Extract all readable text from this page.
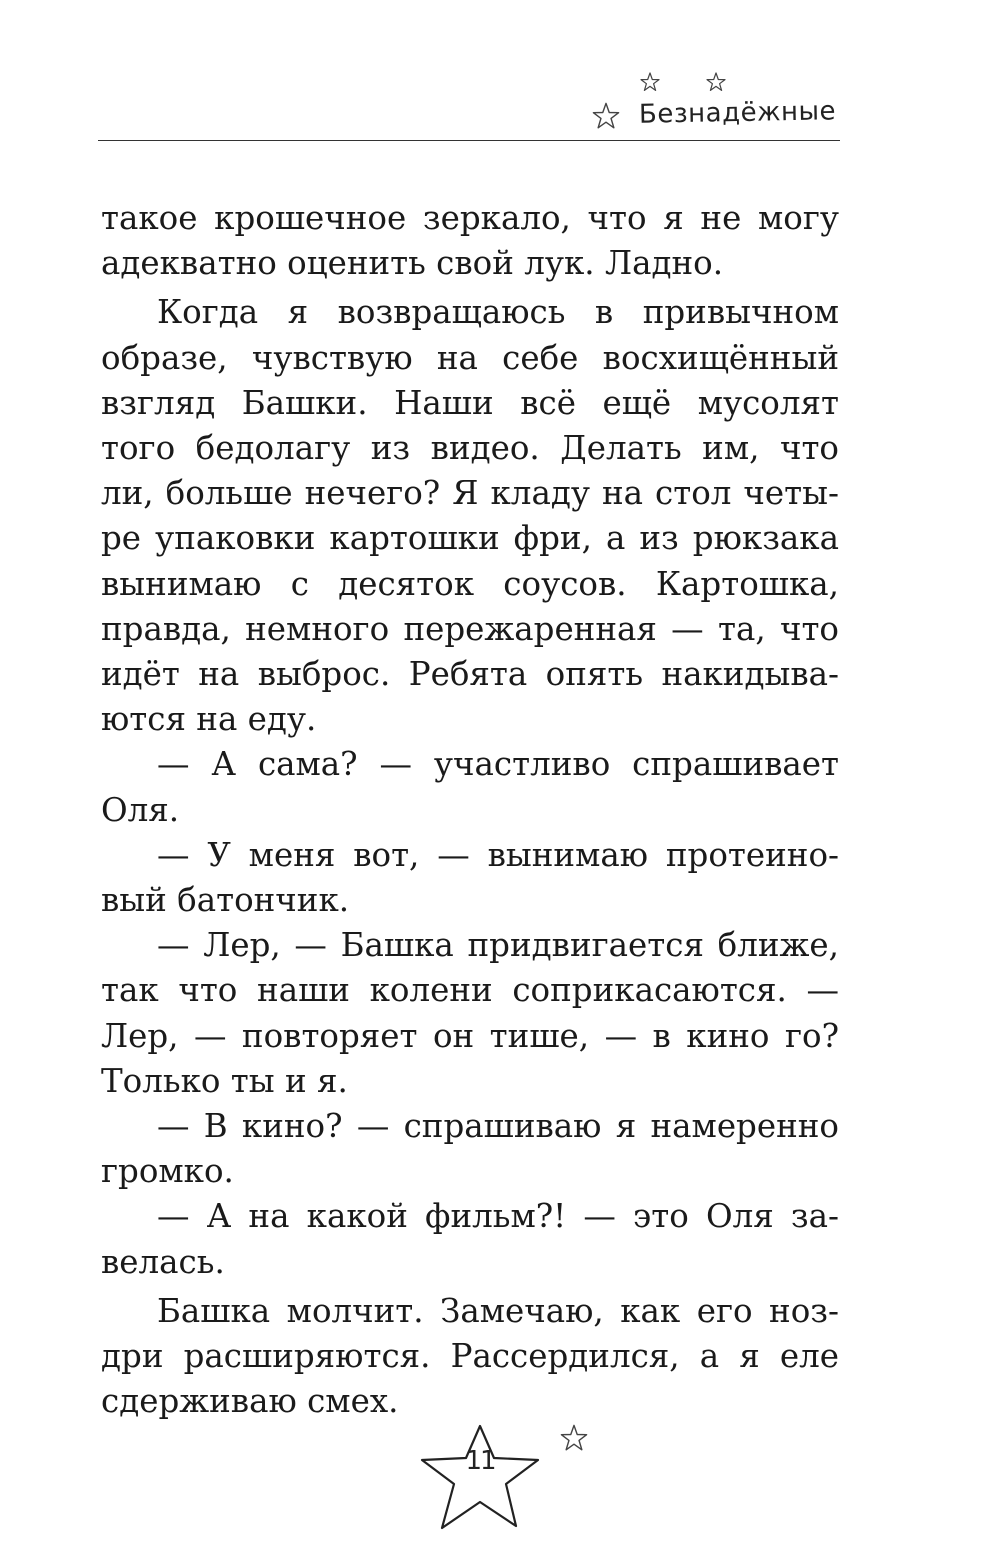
Безнадёжные

такое крошечное зеркало, что я не могу адекватно оценить свой лук. Ладно.

Когда я возвращаюсь в привычном образе, чувствую на себе восхищённый взгляд Башки. Наши всё ещё мусолят того бедолагу из видео. Делать им, что ли, больше нечего? Я кладу на стол четыре упаковки картошки фри, а из рюкзака вынимаю с десяток соусов. Картошка, правда, немного пережаренная — та, что идёт на выброс. Ребята опять накидываются на еду.

— А сама? — участливо спрашивает Оля.

— У меня вот, — вынимаю протеиновый батончик.

— Лер, — Башка придвигается ближе, так что наши колени соприкасаются. — Лер, — повторяет он тише, — в кино го? Только ты и я.

— В кино? — спрашиваю я намеренно громко.

— А на какой фильм?! — это Оля завелась.

Башка молчит. Замечаю, как его ноздри расширяются. Рассердился, а я еле сдерживаю смех.

11
